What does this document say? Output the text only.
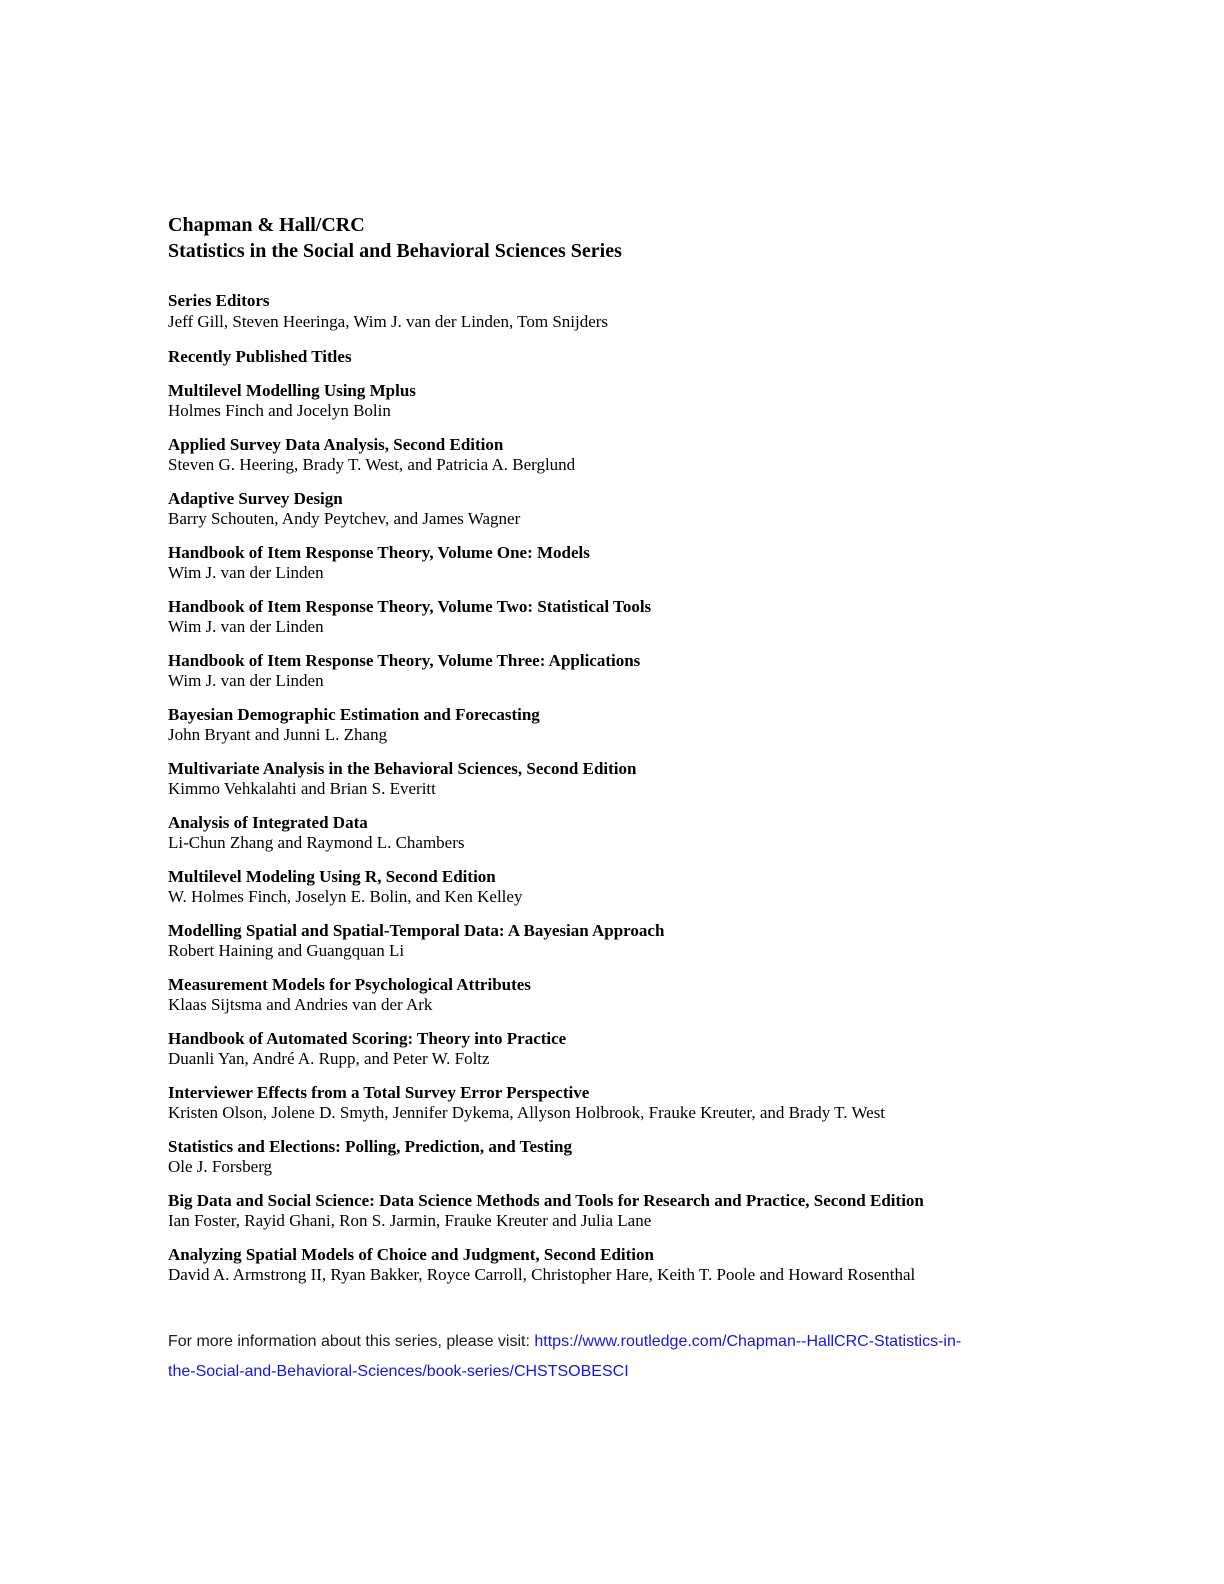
Chapman & Hall/CRC
Statistics in the Social and Behavioral Sciences Series

Series Editors

Jeff Gill, Steven Heeringa, Wim J. van der Linden, Tom Snijders

Recently Published Titles

Multilevel Modelling Using Mplus
Holmes Finch and Jocelyn Bolin
Applied Survey Data Analysis, Second Edition
Steven G. Heering, Brady T. West, and Patricia A. Berglund
Adaptive Survey Design
Barry Schouten, Andy Peytchev, and James Wagner
Handbook of Item Response Theory, Volume One: Models
Wim J. van der Linden
Handbook of Item Response Theory, Volume Two: Statistical Tools
Wim J. van der Linden
Handbook of Item Response Theory, Volume Three: Applications
Wim J. van der Linden
Bayesian Demographic Estimation and Forecasting
John Bryant and Junni L. Zhang
Multivariate Analysis in the Behavioral Sciences, Second Edition
Kimmo Vehkalahti and Brian S. Everitt
Analysis of Integrated Data
Li-Chun Zhang and Raymond L. Chambers
Multilevel Modeling Using R, Second Edition
W. Holmes Finch, Joselyn E. Bolin, and Ken Kelley
Modelling Spatial and Spatial-Temporal Data: A Bayesian Approach
Robert Haining and Guangquan Li
Measurement Models for Psychological Attributes
Klaas Sijtsma and Andries van der Ark
Handbook of Automated Scoring: Theory into Practice
Duanli Yan, André A. Rupp, and Peter W. Foltz
Interviewer Effects from a Total Survey Error Perspective
Kristen Olson, Jolene D. Smyth, Jennifer Dykema, Allyson Holbrook, Frauke Kreuter, and Brady T. West
Statistics and Elections: Polling, Prediction, and Testing
Ole J. Forsberg
Big Data and Social Science: Data Science Methods and Tools for Research and Practice, Second Edition
Ian Foster, Rayid Ghani, Ron S. Jarmin, Frauke Kreuter and Julia Lane
Analyzing Spatial Models of Choice and Judgment, Second Edition
David A. Armstrong II, Ryan Bakker, Royce Carroll, Christopher Hare, Keith T. Poole and Howard Rosenthal

For more information about this series, please visit: https://www.routledge.com/Chapman--HallCRC-Statistics-in-
the-Social-and-Behavioral-Sciences/book-series/CHSTSOBESCI
